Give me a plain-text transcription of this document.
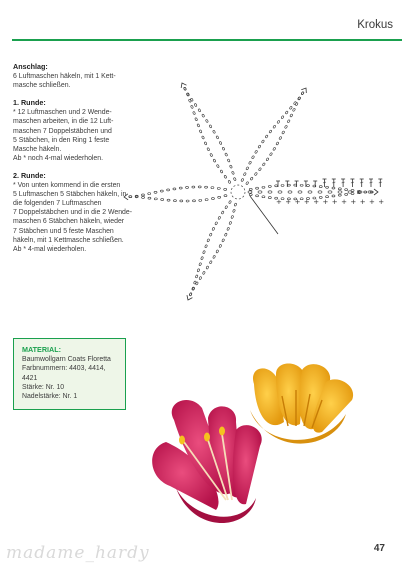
Krokus
Anschlag:

6 Luftmaschen häkeln, mit 1 Kett-

masche schließen.

1. Runde:

* 12 Luftmaschen und 2 Wende-

maschen arbeiten, in die 12 Luft-

maschen 7 Doppelstäbchen und

5 Stäbchen, in den Ring 1 feste

Masche häkeln.

Ab * noch 4-mal wiederholen.

2. Runde:

* Von unten kommend in die ersten

5 Luftmaschen 5 Stäbchen häkeln, in

die folgenden 7 Luftmaschen

7 Doppelstäbchen und in die 2 Wende-

maschen 6 Stäbchen häkeln, wieder

7 Stäbchen und 5 feste Maschen

häkeln, mit 1 Kettmasche schließen.

Ab * 4-mal wiederholen.

+ + + + + + + + + + + +
MATERIAL:

Baumwollgarn Coats Floretta

Farbnummern: 4403, 4414, 4421

Stärke: Nr. 10

Nadelstärke: Nr. 1

madame_hardy	47
